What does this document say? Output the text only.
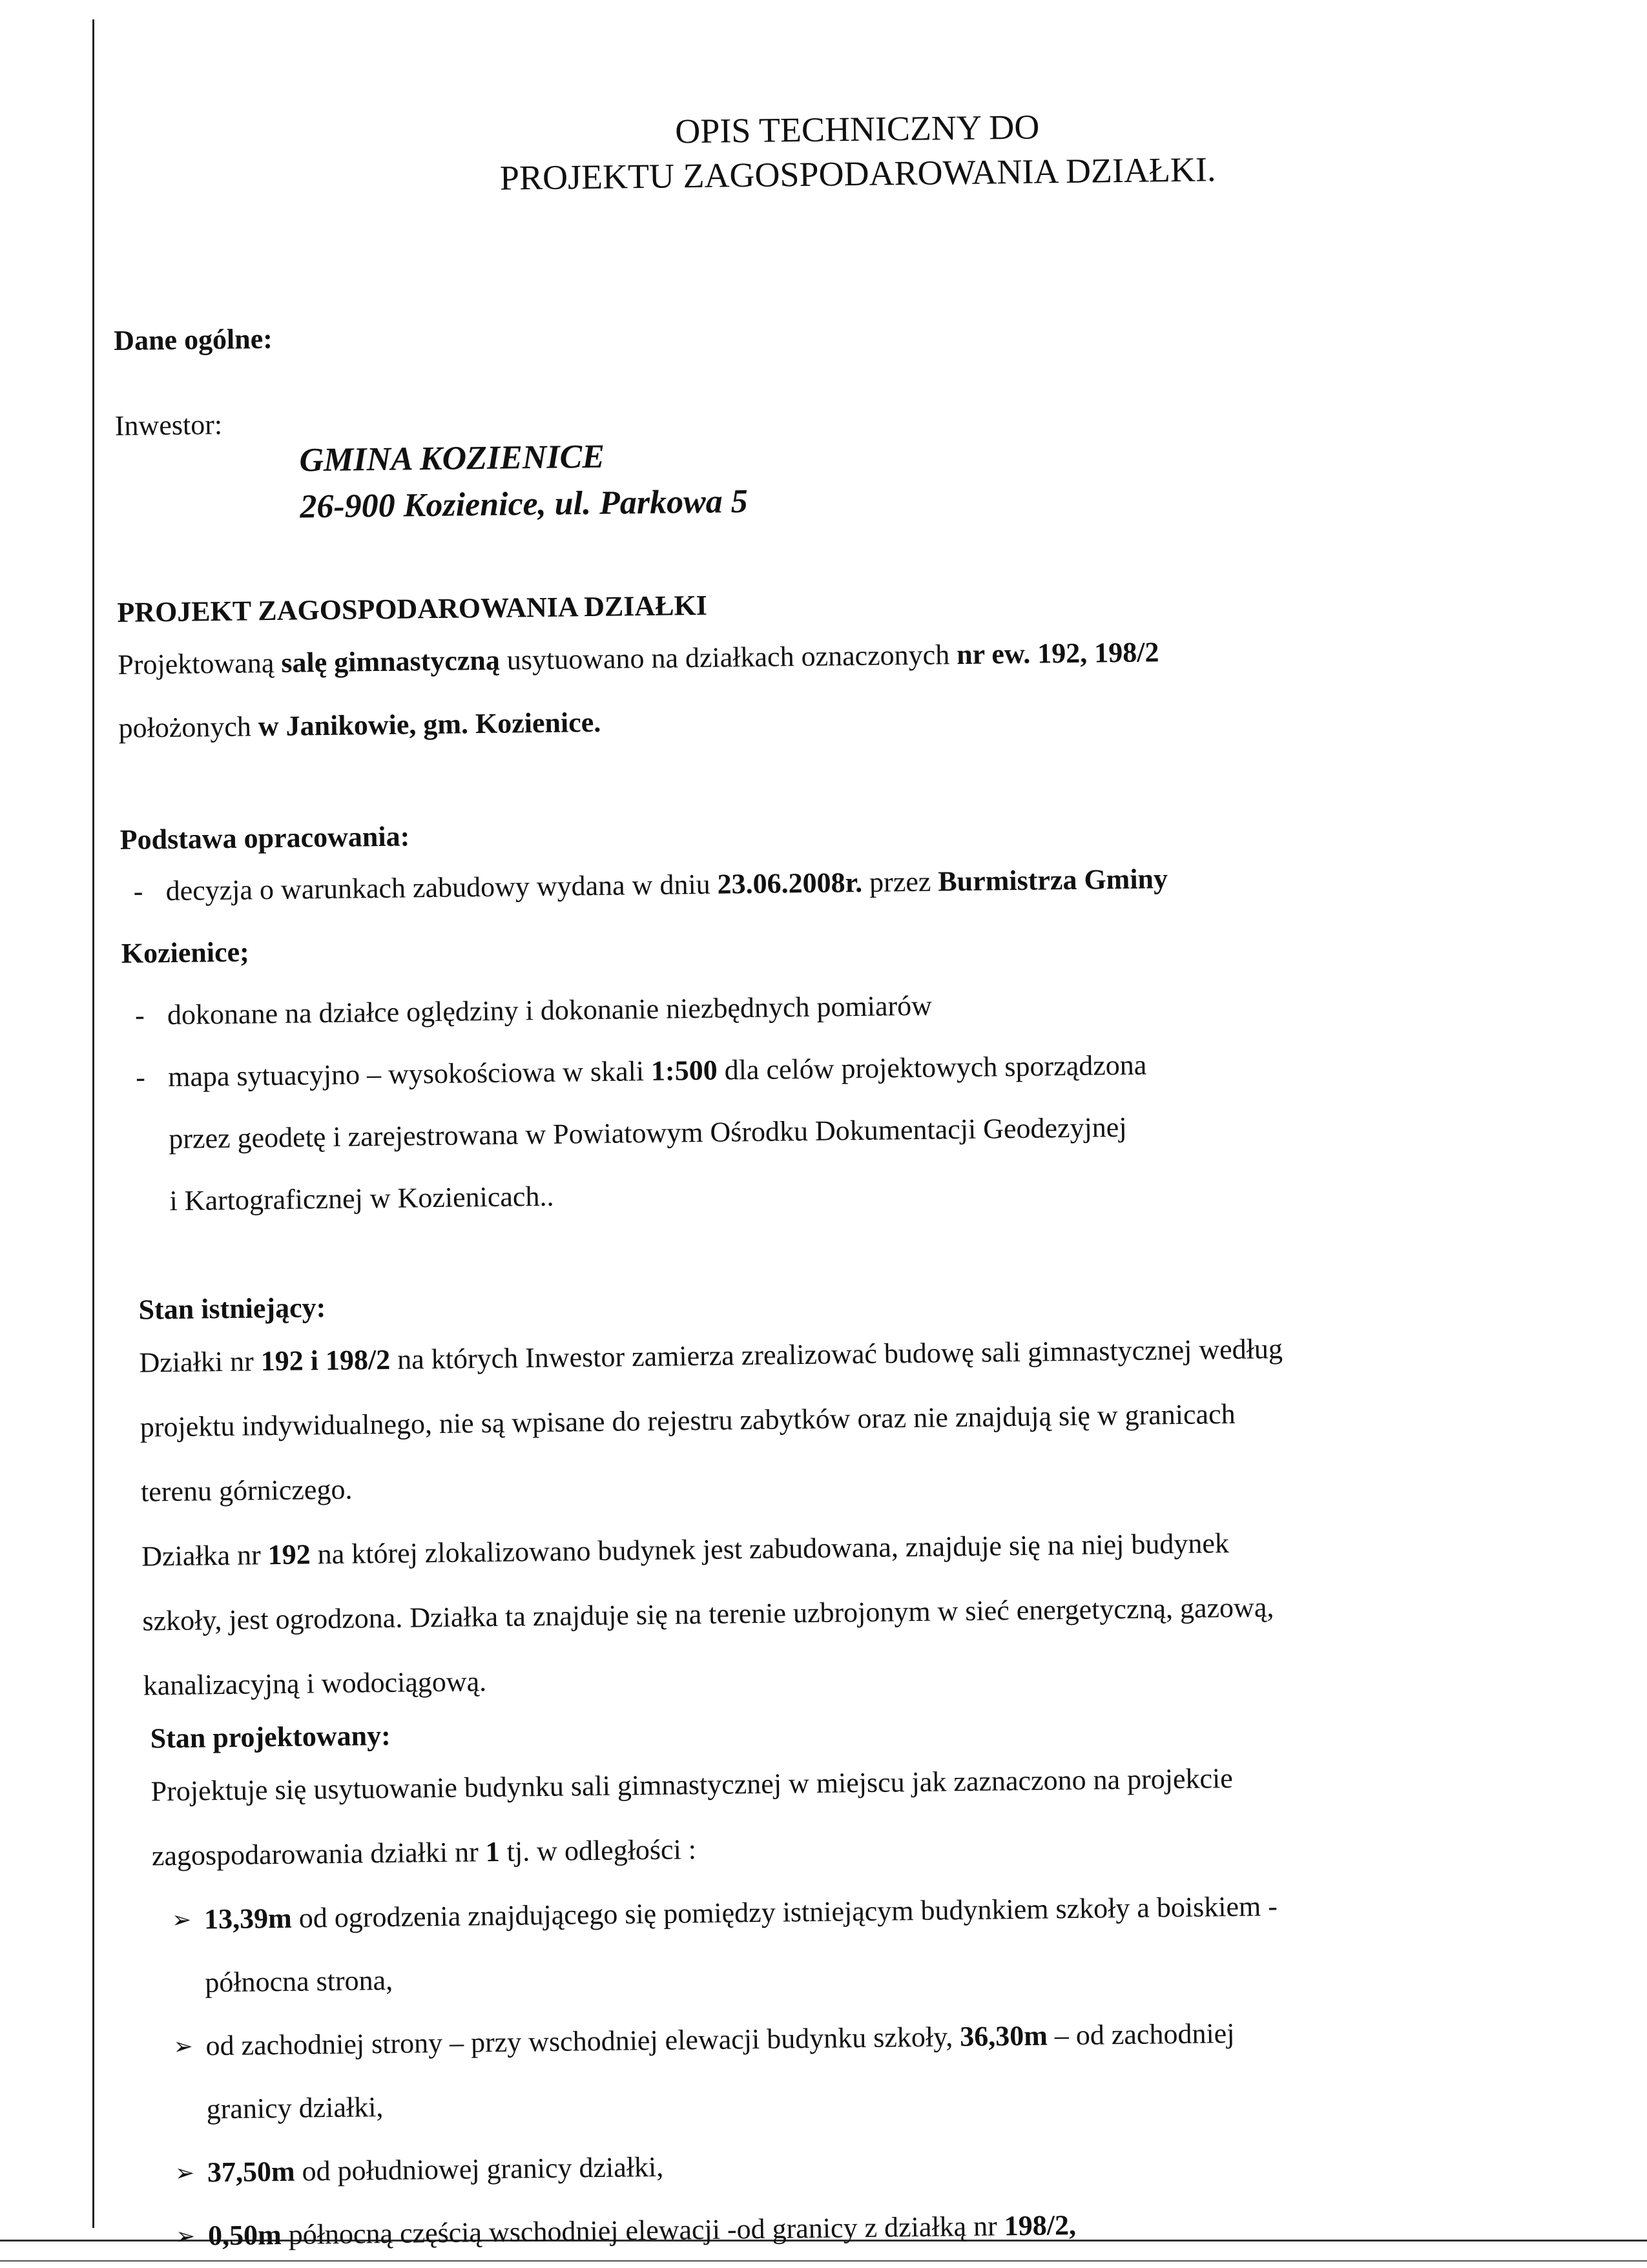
OPIS TECHNICZNY DO
PROJEKTU ZAGOSPODAROWANIA DZIAŁKI.
Dane ogólne:
Inwestor:
GMINA KOZIENICE
26-900 Kozienice, ul. Parkowa 5
PROJEKT ZAGOSPODAROWANIA DZIAŁKI
Projektowaną salę gimnastyczną usytuowano na działkach oznaczonych nr ew. 192, 198/2
położonych w Janikowie, gm. Kozienice.
Podstawa opracowania:
- decyzja o warunkach zabudowy wydana w dniu 23.06.2008r. przez Burmistrza Gminy
Kozienice;
- dokonane na działce oględziny i dokonanie niezbędnych pomiarów
- mapa sytuacyjno – wysokościowa w skali 1:500 dla celów projektowych sporządzona
przez geodetę i zarejestrowana w Powiatowym Ośrodku Dokumentacji Geodezyjnej
i Kartograficznej w Kozienicach..
Stan istniejący:
Działki nr 192 i 198/2 na których Inwestor zamierza zrealizować budowę sali gimnastycznej według
projektu indywidualnego, nie są wpisane do rejestru zabytków oraz nie znajdują się w granicach
terenu górniczego.
Działka nr 192 na której zlokalizowano budynek jest zabudowana, znajduje się na niej budynek
szkoły, jest ogrodzona. Działka ta znajduje się na terenie uzbrojonym w sieć energetyczną, gazową,
kanalizacyjną i wodociągową.
Stan projektowany:
Projektuje się usytuowanie budynku sali gimnastycznej w miejscu jak zaznaczono na projekcie
zagospodarowania działki nr 1 tj. w odległości :
➢ 13,39m od ogrodzenia znajdującego się pomiędzy istniejącym budynkiem szkoły a boiskiem -
północna strona,
➢ od zachodniej strony – przy wschodniej elewacji budynku szkoły, 36,30m – od zachodniej
granicy działki,
➢ 37,50m od południowej granicy działki,
➢ 0,50m północną częścią wschodniej elewacji -od granicy z działką nr 198/2,
